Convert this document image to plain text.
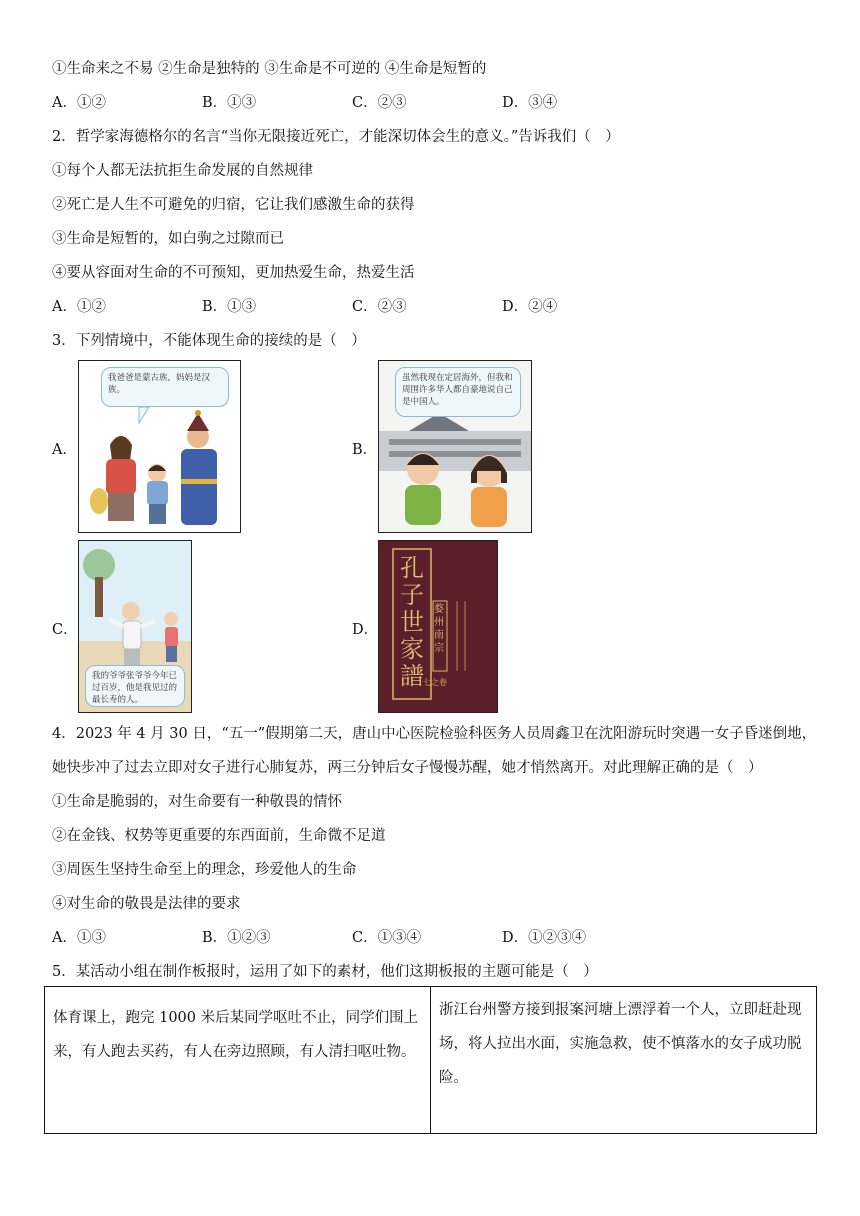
①生命来之不易 ②生命是独特的 ③生命是不可逆的 ④生命是短暂的
A．①②	B．①③	C．②③	D．③④
2．哲学家海德格尔的名言“当你无限接近死亡，才能深切体会生的意义。”告诉我们（　）
①每个人都无法抗拒生命发展的自然规律
②死亡是人生不可避免的归宿，它让我们感激生命的获得
③生命是短暂的，如白驹之过隙而已
④要从容面对生命的不可预知，更加热爱生命，热爱生活
A．①②	B．①③	C．②③	D．②④
3．下列情境中，不能体现生命的接续的是（　）
A．
我爸爸是蒙古族，妈妈是汉族。
B．
虽然我现在定居海外，但我和周围许多华人都自豪地说自己是中国人。
C．
我的爷爷张爷爷今年已过百岁，他是我见过的最长寿的人。
D．
孔
子
世
家
譜
婺州南宗
七之卷
4．2023 年 4 月 30 日，“五一”假期第二天，唐山中心医院检验科医务人员周鑫卫在沈阳游玩时突遇一女子昏迷倒地，
她快步冲了过去立即对女子进行心肺复苏，两三分钟后女子慢慢苏醒，她才悄然离开。对此理解正确的是（　）
①生命是脆弱的，对生命要有一种敬畏的情怀
②在金钱、权势等更重要的东西面前，生命微不足道
③周医生坚持生命至上的理念，珍爱他人的生命
④对生命的敬畏是法律的要求
A．①③	B．①②③	C．①③④	D．①②③④
5．某活动小组在制作板报时，运用了如下的素材，他们这期板报的主题可能是（　）
体育课上，跑完 1000 米后某同学呕吐不止，同学们围上来，有人跑去买药，有人在旁边照顾，有人清扫呕吐物。	浙江台州警方接到报案河塘上漂浮着一个人，立即赶赴现场，将人拉出水面，实施急救，使不慎落水的女子成功脱险。
